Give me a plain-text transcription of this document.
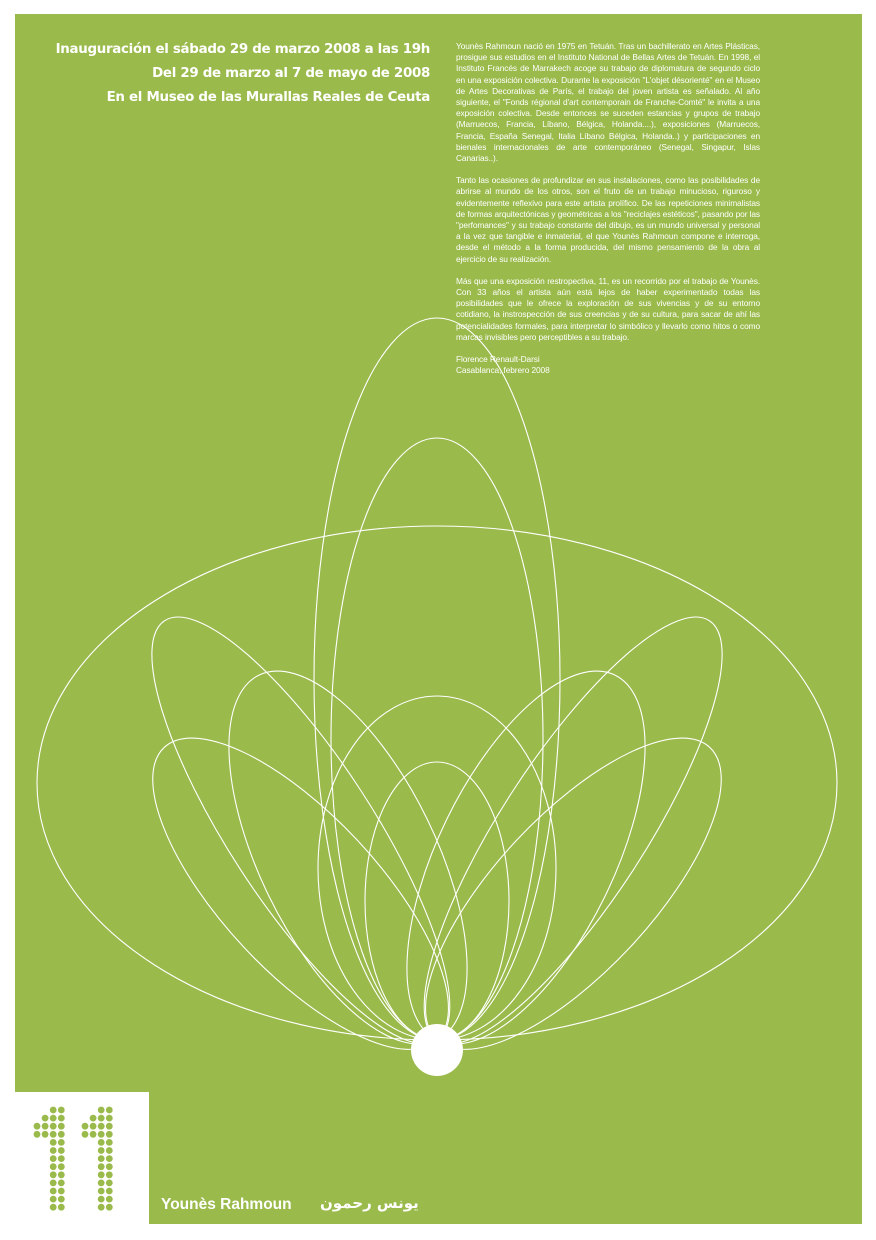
Inauguración el sábado 29 de marzo 2008 a las 19h
Del 29 de marzo al 7 de mayo de 2008
En el Museo de las Murallas Reales de Ceuta

Younès Rahmoun nació en 1975 en Tetuán. Tras un bachillerato en Artes Plásticas, prosigue sus estudios en el Instituto National de Bellas Artes de Tetuán. En 1998, el Instituto Francés de Marrakech acoge su trabajo de diplomatura de segundo ciclo en una exposición colectiva. Durante la exposición "L'objet désorienté" en el Museo de Artes Decorativas de París, el trabajo del joven artista es señalado. Al año siguiente, el "Fonds régional d'art contemporain de Franche-Comté" le invita a una exposición colectiva. Desde entonces se suceden estancias y grupos de trabajo (Marruecos, Francia, Líbano, Bélgica, Holanda....), exposiciones (Marruecos, Francia, España Senegal, Italia Líbano Bélgica, Holanda..) y participaciones en bienales internacionales de arte contemporáneo (Senegal, Singapur, Islas Canarias..).

Tanto las ocasiones de profundizar en sus instalaciones, como las posibilidades de abrirse al mundo de los otros, son el fruto de un trabajo minucioso, riguroso y evidentemente reflexivo para este artista prolífico. De las repeticiones minimalistas de formas arquitectónicas y geométricas a los "reciclajes estéticos", pasando por las "perfomances" y su trabajo constante del dibujo, es un mundo universal y personal a la vez que tangible e inmaterial, el que Younès Rahmoun compone e interroga, desde el método a la forma producida, del mismo pensamiento de la obra al ejercicio de su realización.

Más que una exposición restropectiva, 11, es un recorrido por el trabajo de Younès. Con 33 años el artista aún está lejos de haber experimentado todas las posibilidades que le ofrece la exploración de sus vivencias y de su entorno cotidiano, la instrospección de sus creencias y de su cultura, para sacar de ahí las potencialidades formales, para interpretar lo simbólico y llevarlo como hitos o como marcas invisibles pero perceptibles a su trabajo.

Florence Renault-Darsi
Casablanca, febrero 2008
Younès Rahmoun يونس رحمون
